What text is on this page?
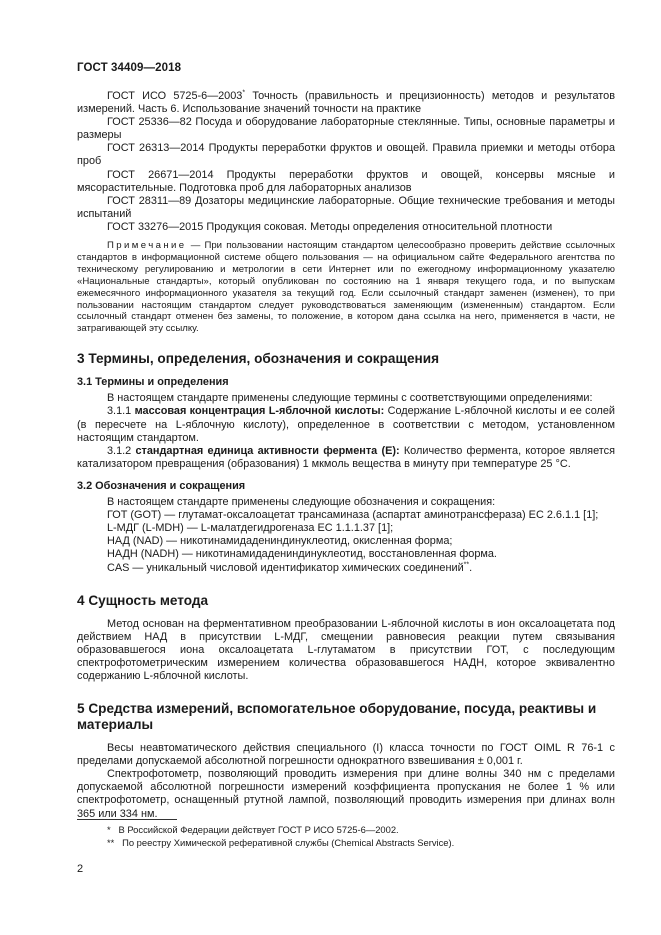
ГОСТ 34409—2018

ГОСТ ИСО 5725-6—2003* Точность (правильность и прецизионность) методов и результатов измерений. Часть 6. Использование значений точности на практике

ГОСТ 25336—82 Посуда и оборудование лабораторные стеклянные. Типы, основные параметры и размеры

ГОСТ 26313—2014 Продукты переработки фруктов и овощей. Правила приемки и методы отбора проб

ГОСТ 26671—2014 Продукты переработки фруктов и овощей, консервы мясные и мясорастительные. Подготовка проб для лабораторных анализов

ГОСТ 28311—89 Дозаторы медицинские лабораторные. Общие технические требования и методы испытаний

ГОСТ 33276—2015 Продукция соковая. Методы определения относительной плотности

Примечание — При пользовании настоящим стандартом целесообразно проверить действие ссылочных стандартов в информационной системе общего пользования — на официальном сайте Федерального агентства по техническому регулированию и метрологии в сети Интернет или по ежегодному информационному указателю «Национальные стандарты», который опубликован по состоянию на 1 января текущего года, и по выпускам ежемесячного информационного указателя за текущий год. Если ссылочный стандарт заменен (изменен), то при пользовании настоящим стандартом следует руководствоваться заменяющим (измененным) стандартом. Если ссылочный стандарт отменен без замены, то положение, в котором дана ссылка на него, применяется в части, не затрагивающей эту ссылку.

3 Термины, определения, обозначения и сокращения
3.1 Термины и определения

В настоящем стандарте применены следующие термины с соответствующими определениями:

3.1.1 массовая концентрация L-яблочной кислоты: Содержание L-яблочной кислоты и ее солей (в пересчете на L-яблочную кислоту), определенное в соответствии с методом, установленном настоящим стандартом.

3.1.2 стандартная единица активности фермента (E): Количество фермента, которое является катализатором превращения (образования) 1 мкмоль вещества в минуту при температуре 25 °С.

3.2 Обозначения и сокращения

В настоящем стандарте применены следующие обозначения и сокращения:

ГОТ (GOT) — глутамат-оксалоацетат трансаминаза (аспартат аминотрансфераза) ЕС 2.6.1.1 [1];

L-МДГ (L-MDH) — L-малатдегидрогеназа ЕС 1.1.1.37 [1];

НАД (NAD) — никотинамидадениндинуклеотид, окисленная форма;

НАДН (NADH) — никотинамидадениндинуклеотид, восстановленная форма.

CAS — уникальный числовой идентификатор химических соединений**.

4 Сущность метода

Метод основан на ферментативном преобразовании L-яблочной кислоты в ион оксалоацетата под действием НАД в присутствии L-МДГ, смещении равновесия реакции путем связывания образовавшегося иона оксалоацетата L-глутаматом в присутствии ГОТ, с последующим спектрофотометрическим измерением количества образовавшегося НАДН, которое эквивалентно содержанию L-яблочной кислоты.

5 Средства измерений, вспомогательное оборудование, посуда, реактивы и материалы

Весы неавтоматического действия специального (I) класса точности по ГОСТ OIML R 76-1 с пределами допускаемой абсолютной погрешности однократного взвешивания ± 0,001 г.

Спектрофотометр, позволяющий проводить измерения при длине волны 340 нм с пределами допускаемой абсолютной погрешности измерений коэффициента пропускания не более 1 % или спектрофотометр, оснащенный ртутной лампой, позволяющий проводить измерения при длинах волн 365 или 334 нм.

* В Российской Федерации действует ГОСТ Р ИСО 5725-6—2002.
** По реестру Химической реферативной службы (Chemical Abstracts Service).
2
